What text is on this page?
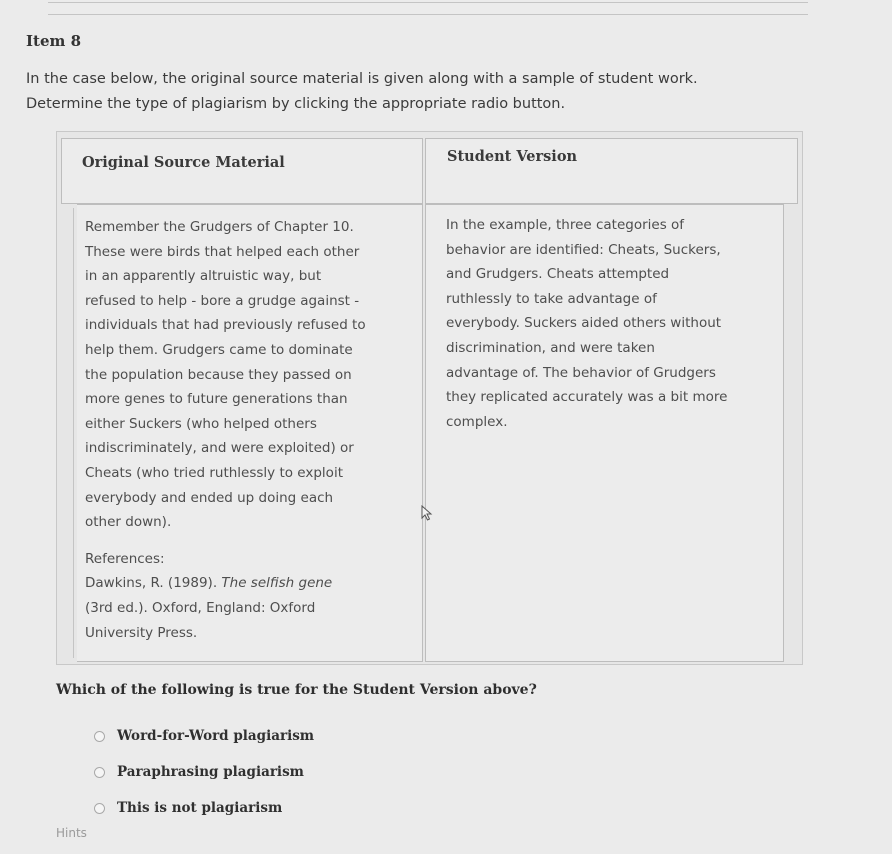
Item 8

In the case below, the original source material is given along with a sample of student work.

Determine the type of plagiarism by clicking the appropriate radio button.

Original Source Material	Student Version

Remember the Grudgers of Chapter 10.

These were birds that helped each other

in an apparently altruistic way, but

refused to help - bore a grudge against -

individuals that had previously refused to

help them. Grudgers came to dominate

the population because they passed on

more genes to future generations than

either Suckers (who helped others

indiscriminately, and were exploited) or

Cheats (who tried ruthlessly to exploit

everybody and ended up doing each

other down).

References:
Dawkins, R. (1989). The selfish gene
(3rd ed.). Oxford, England: Oxford
University Press.

In the example, three categories of

behavior are identified: Cheats, Suckers,

and Grudgers. Cheats attempted

ruthlessly to take advantage of

everybody. Suckers aided others without

discrimination, and were taken

advantage of. The behavior of Grudgers

they replicated accurately was a bit more

complex.

Which of the following is true for the Student Version above?
Word-for-Word plagiarism
Paraphrasing plagiarism
This is not plagiarism
Hints
